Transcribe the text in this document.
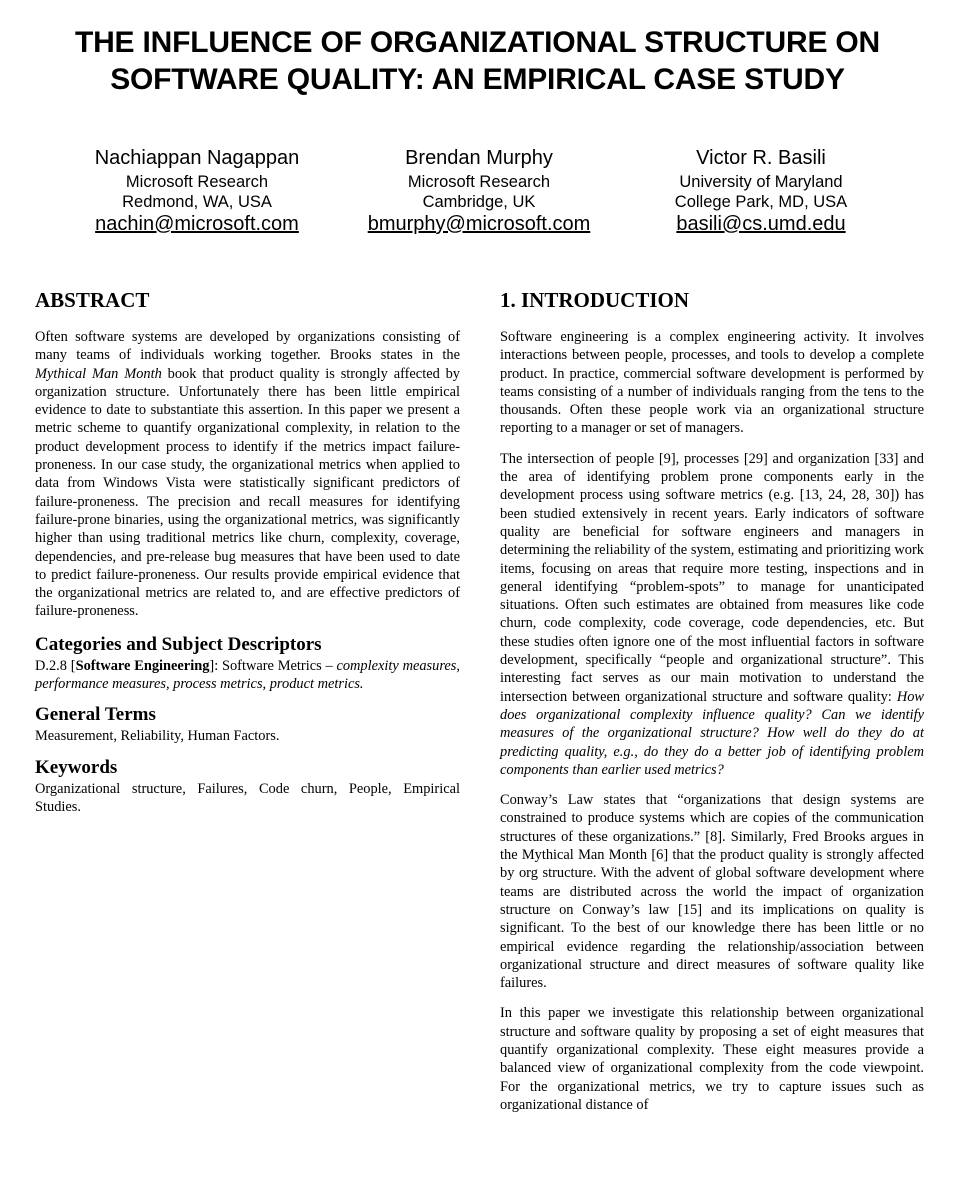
THE INFLUENCE OF ORGANIZATIONAL STRUCTURE ON
SOFTWARE QUALITY: AN EMPIRICAL CASE STUDY
Nachiappan Nagappan
Microsoft Research
Redmond, WA, USA
nachin@microsoft.com
Brendan Murphy
Microsoft Research
Cambridge, UK
bmurphy@microsoft.com
Victor R. Basili
University of Maryland
College Park, MD, USA
basili@cs.umd.edu
ABSTRACT

Often software systems are developed by organizations consisting of many teams of individuals working together. Brooks states in the Mythical Man Month book that product quality is strongly affected by organization structure. Unfortunately there has been little empirical evidence to date to substantiate this assertion. In this paper we present a metric scheme to quantify organizational complexity, in relation to the product development process to identify if the metrics impact failure-proneness. In our case study, the organizational metrics when applied to data from Windows Vista were statistically significant predictors of failure-proneness. The precision and recall measures for identifying failure-prone binaries, using the organizational metrics, was significantly higher than using traditional metrics like churn, complexity, coverage, dependencies, and pre-release bug measures that have been used to date to predict failure-proneness. Our results provide empirical evidence that the organizational metrics are related to, and are effective predictors of failure-proneness.

Categories and Subject Descriptors

D.2.8 [Software Engineering]: Software Metrics – complexity measures, performance measures, process metrics, product metrics.

General Terms

Measurement, Reliability, Human Factors.

Keywords

Organizational structure, Failures, Code churn, People, Empirical Studies.

1. INTRODUCTION

Software engineering is a complex engineering activity. It involves interactions between people, processes, and tools to develop a complete product. In practice, commercial software development is performed by teams consisting of a number of individuals ranging from the tens to the thousands. Often these people work via an organizational structure reporting to a manager or set of managers.

The intersection of people [9], processes [29] and organization [33] and the area of identifying problem prone components early in the development process using software metrics (e.g. [13, 24, 28, 30]) has been studied extensively in recent years. Early indicators of software quality are beneficial for software engineers and managers in determining the reliability of the system, estimating and prioritizing work items, focusing on areas that require more testing, inspections and in general identifying “problem-spots” to manage for unanticipated situations. Often such estimates are obtained from measures like code churn, code complexity, code coverage, code dependencies, etc. But these studies often ignore one of the most influential factors in software development, specifically “people and organizational structure”. This interesting fact serves as our main motivation to understand the intersection between organizational structure and software quality: How does organizational complexity influence quality? Can we identify measures of the organizational structure? How well do they do at predicting quality, e.g., do they do a better job of identifying problem components than earlier used metrics?

Conway’s Law states that “organizations that design systems are constrained to produce systems which are copies of the communication structures of these organizations.” [8]. Similarly, Fred Brooks argues in the Mythical Man Month [6] that the product quality is strongly affected by org structure. With the advent of global software development where teams are distributed across the world the impact of organization structure on Conway’s law [15] and its implications on quality is significant. To the best of our knowledge there has been little or no empirical evidence regarding the relationship/association between organizational structure and direct measures of software quality like failures.

In this paper we investigate this relationship between organizational structure and software quality by proposing a set of eight measures that quantify organizational complexity. These eight measures provide a balanced view of organizational complexity from the code viewpoint. For the organizational metrics, we try to capture issues such as organizational distance of
